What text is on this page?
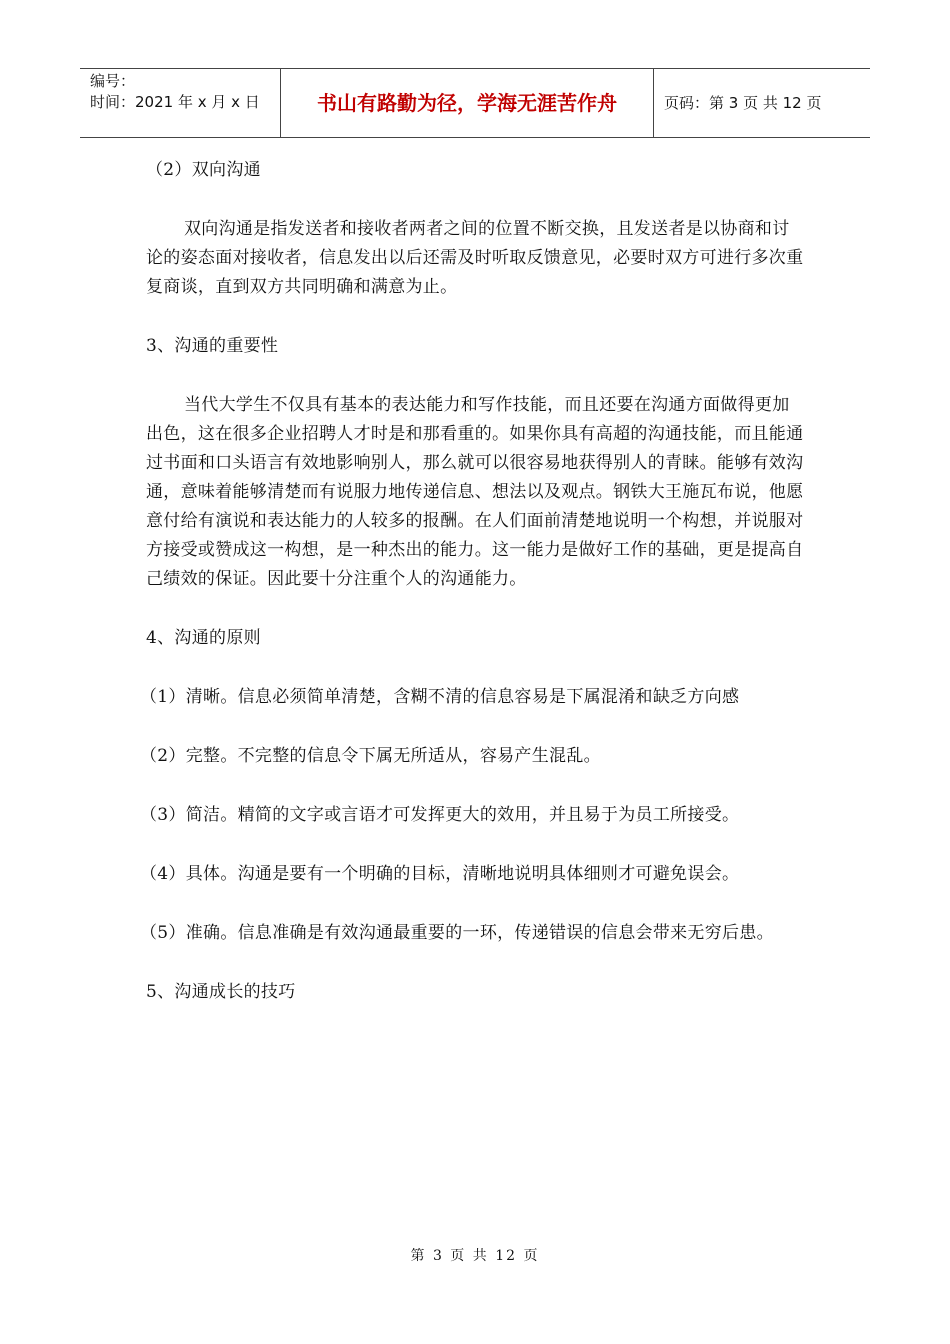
编号：
时间：2021 年 x 月 x 日	书山有路勤为径，学海无涯苦作舟	页码：第 3 页 共 12 页

（2）双向沟通

双向沟通是指发送者和接收者两者之间的位置不断交换，且发送者是以协商和讨论的姿态面对接收者，信息发出以后还需及时听取反馈意见，必要时双方可进行多次重复商谈，直到双方共同明确和满意为止。

3、沟通的重要性

当代大学生不仅具有基本的表达能力和写作技能，而且还要在沟通方面做得更加出色，这在很多企业招聘人才时是和那看重的。如果你具有高超的沟通技能，而且能通过书面和口头语言有效地影响别人，那么就可以很容易地获得别人的青睐。能够有效沟通，意味着能够清楚而有说服力地传递信息、想法以及观点。钢铁大王施瓦布说，他愿意付给有演说和表达能力的人较多的报酬。在人们面前清楚地说明一个构想，并说服对方接受或赞成这一构想，是一种杰出的能力。这一能力是做好工作的基础，更是提高自己绩效的保证。因此要十分注重个人的沟通能力。

4、沟通的原则

（1）清晰。信息必须简单清楚，含糊不清的信息容易是下属混淆和缺乏方向感

（2）完整。不完整的信息令下属无所适从，容易产生混乱。

（3）简洁。精简的文字或言语才可发挥更大的效用，并且易于为员工所接受。

（4）具体。沟通是要有一个明确的目标，清晰地说明具体细则才可避免误会。

（5）准确。信息准确是有效沟通最重要的一环，传递错误的信息会带来无穷后患。

5、沟通成长的技巧

第 3 页 共 12 页
